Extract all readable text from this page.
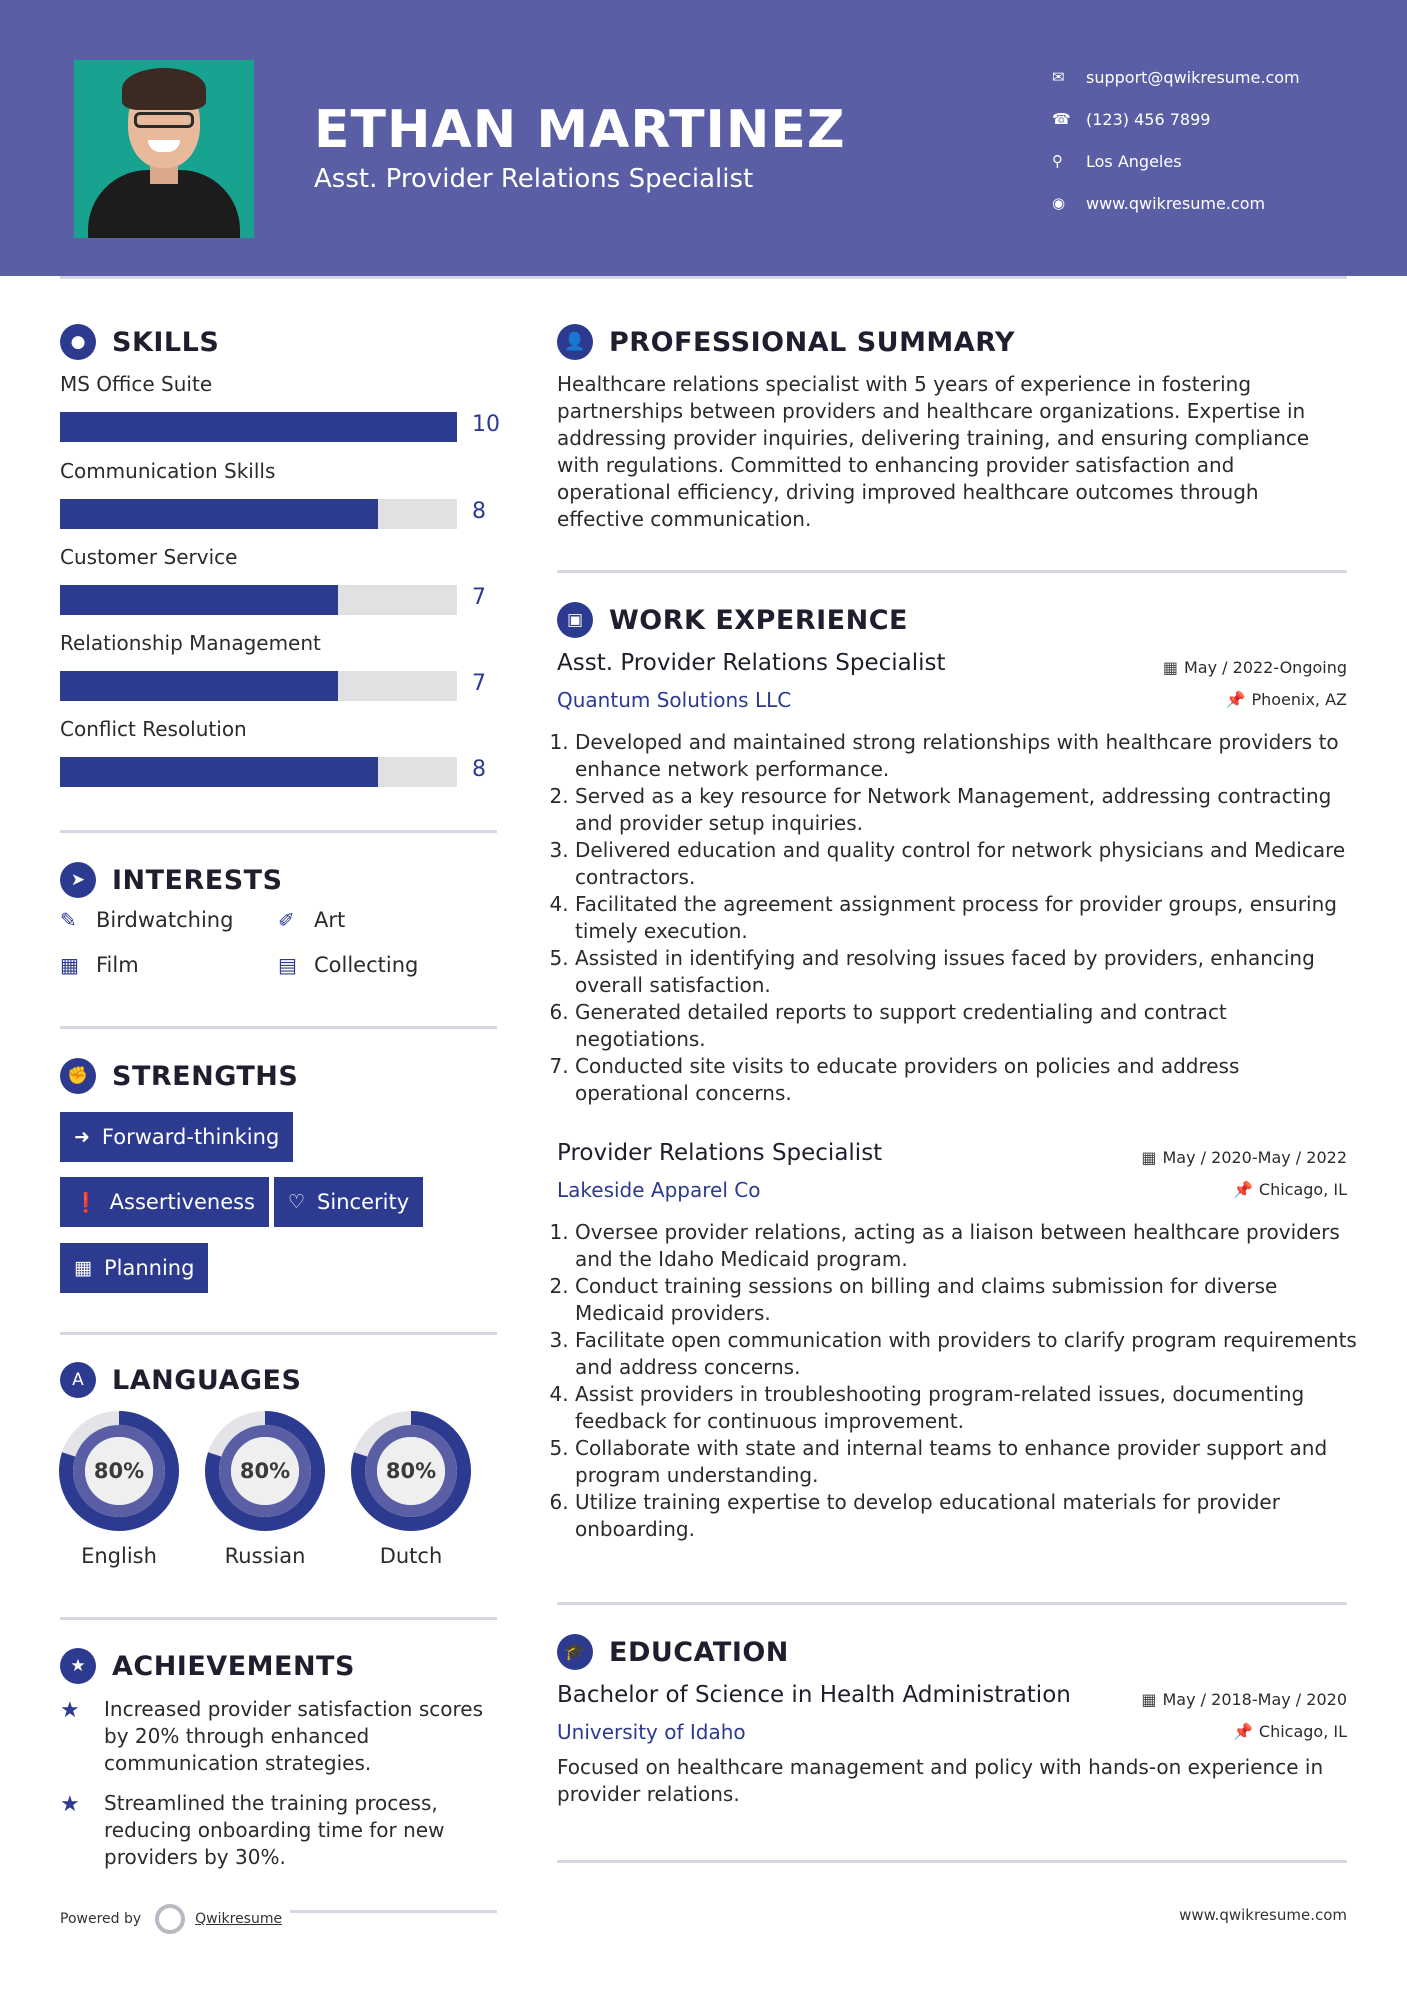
ETHAN MARTINEZ
Asst. Provider Relations Specialist
✉	support@qwikresume.com
☎ (123) 456 7899
⚲	Los Angeles
◉	www.qwikresume.com
● SKILLS
MS Office Suite
10
Communication Skills
8
Customer Service
7
Relationship Management
7
Conflict Resolution
8
➤ INTERESTS
✎ Birdwatching ✐ Art
▦ Film	▤ Collecting
✊ STRENGTHS
➜ Forward-thinking
❗ Assertiveness ♡ Sincerity
▦ Planning
A	LANGUAGES
80%
English
80%
Russian
80%
Dutch
★ ACHIEVEMENTS
★	Increased provider satisfaction scores by 20% through enhanced communication strategies.
★	Streamlined the training process, reducing onboarding time for new providers by 30%.
👤 PROFESSIONAL SUMMARY
Healthcare relations specialist with 5 years of experience in fostering partnerships between providers and healthcare organizations. Expertise in addressing provider inquiries, delivering training, and ensuring compliance with regulations. Committed to enhancing provider satisfaction and operational efficiency, driving improved healthcare outcomes through effective communication.
▣ WORK EXPERIENCE
Asst. Provider Relations Specialist	▦ May / 2022-Ongoing
Quantum Solutions LLC	📌 Phoenix, AZ
1. Developed and maintained strong relationships with healthcare providers to enhance network performance.
2. Served as a key resource for Network Management, addressing contracting and provider setup inquiries.
3. Delivered education and quality control for network physicians and Medicare contractors.
4. Facilitated the agreement assignment process for provider groups, ensuring timely execution.
5. Assisted in identifying and resolving issues faced by providers, enhancing overall satisfaction.
6. Generated detailed reports to support credentialing and contract negotiations.
7. Conducted site visits to educate providers on policies and address operational concerns.
Provider Relations Specialist	▦ May / 2020-May / 2022
Lakeside Apparel Co	📌 Chicago, IL
1. Oversee provider relations, acting as a liaison between healthcare providers and the Idaho Medicaid program.
2. Conduct training sessions on billing and claims submission for diverse Medicaid providers.
3. Facilitate open communication with providers to clarify program requirements and address concerns.
4. Assist providers in troubleshooting program-related issues, documenting feedback for continuous improvement.
5. Collaborate with state and internal teams to enhance provider support and program understanding.
6. Utilize training expertise to develop educational materials for provider onboarding.
🎓 EDUCATION
Bachelor of Science in Health Administration	▦ May / 2018-May / 2020
University of Idaho	📌 Chicago, IL
Focused on healthcare management and policy with hands-on experience in provider relations.
Powered by	Qwikresume	www.qwikresume.com
